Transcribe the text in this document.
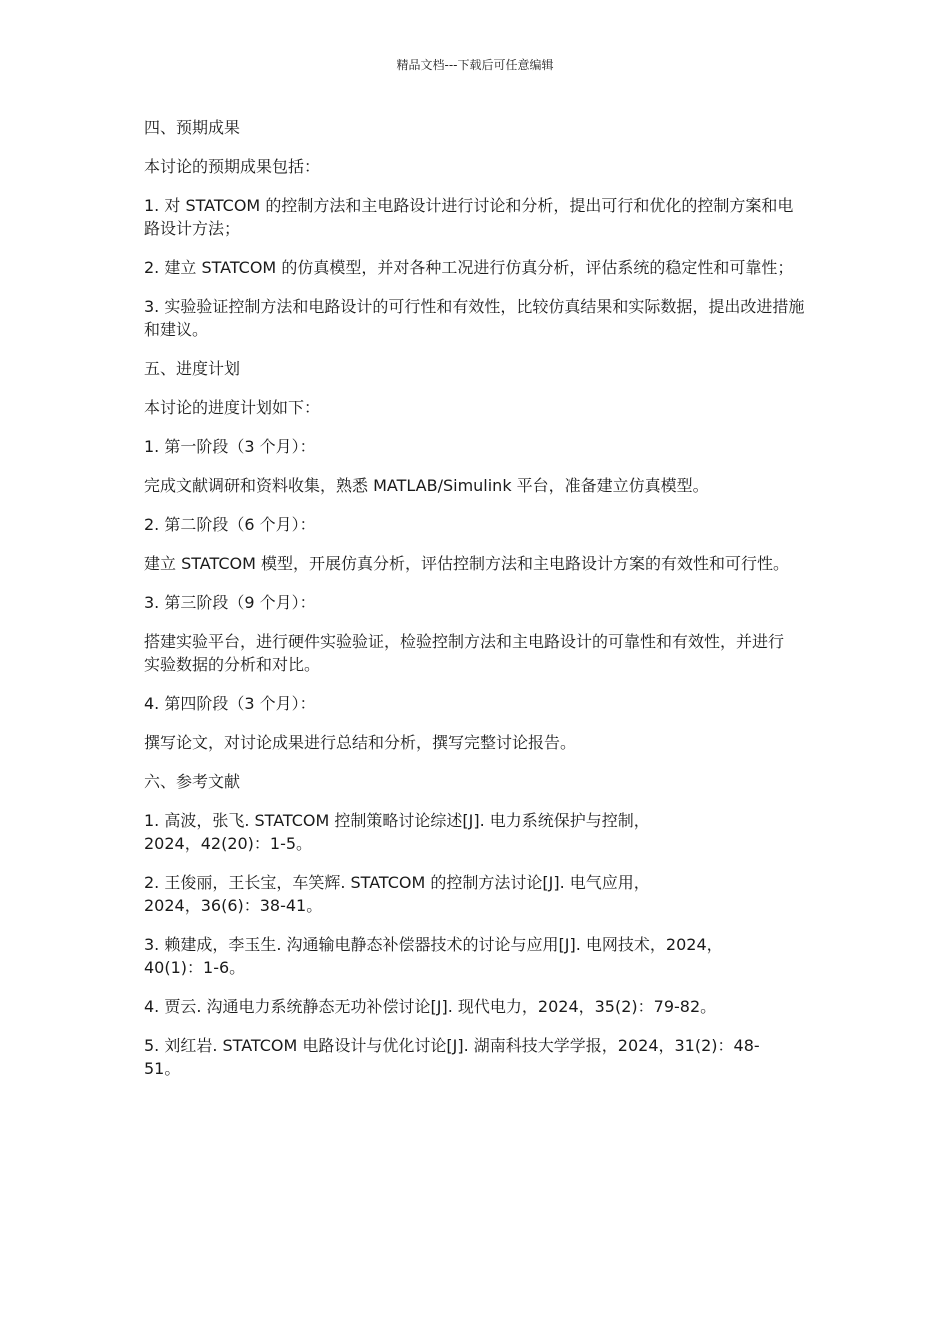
精品文档---下载后可任意编辑

四、预期成果

本讨论的预期成果包括：

1. 对 STATCOM 的控制方法和主电路设计进行讨论和分析，提出可行和优化的控制方案和电路设计方法；

2. 建立 STATCOM 的仿真模型，并对各种工况进行仿真分析，评估系统的稳定性和可靠性；

3. 实验验证控制方法和电路设计的可行性和有效性，比较仿真结果和实际数据，提出改进措施和建议。

五、进度计划

本讨论的进度计划如下：

1. 第一阶段（3 个月）：

完成文献调研和资料收集，熟悉 MATLAB/Simulink 平台，准备建立仿真模型。

2. 第二阶段（6 个月）：

建立 STATCOM 模型，开展仿真分析，评估控制方法和主电路设计方案的有效性和可行性。

3. 第三阶段（9 个月）：

搭建实验平台，进行硬件实验验证，检验控制方法和主电路设计的可靠性和有效性，并进行实验数据的分析和对比。

4. 第四阶段（3 个月）：

撰写论文，对讨论成果进行总结和分析，撰写完整讨论报告。

六、参考文献

1. 高波，张飞. STATCOM 控制策略讨论综述[J]. 电力系统保护与控制，2024，42(20)：1-5。

2. 王俊丽，王长宝，车笑辉. STATCOM 的控制方法讨论[J]. 电气应用，2024，36(6)：38-41。

3. 赖建成，李玉生. 沟通输电静态补偿器技术的讨论与应用[J]. 电网技术，2024，40(1)：1-6。

4. 贾云. 沟通电力系统静态无功补偿讨论[J]. 现代电力，2024，35(2)：79-82。

5. 刘红岩. STATCOM 电路设计与优化讨论[J]. 湖南科技大学学报，2024，31(2)：48-51。
